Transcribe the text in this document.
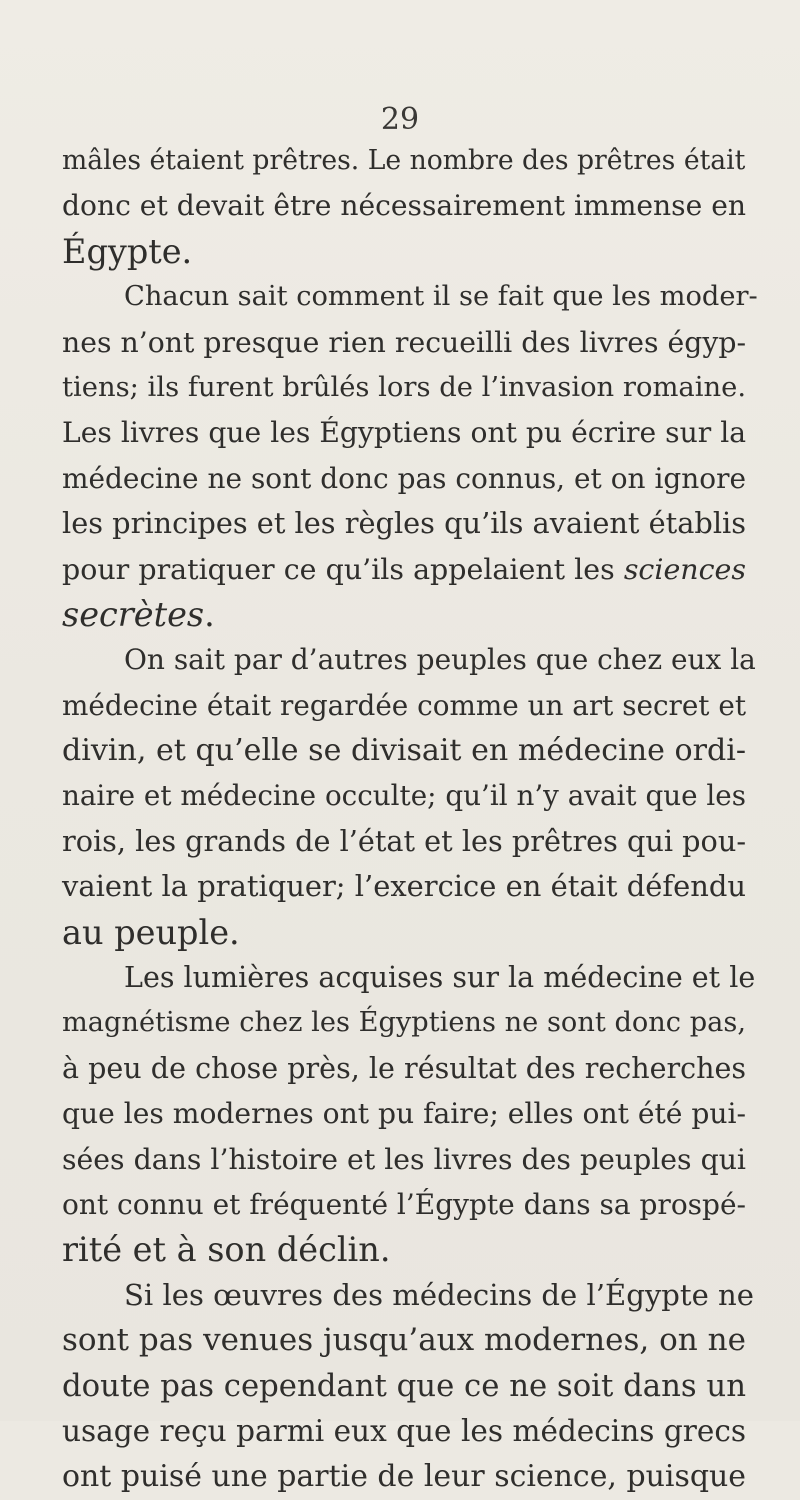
29

mâles étaient prêtres. Le nombre des prêtres était
donc et devait être nécessairement immense en
Égypte.
Chacun sait comment il se fait que les moder-
nes n’ont presque rien recueilli des livres égyp-
tiens; ils furent brûlés lors de l’invasion romaine.
Les livres que les Égyptiens ont pu écrire sur la
médecine ne sont donc pas connus, et on ignore
les principes et les règles qu’ils avaient établis
pour pratiquer ce qu’ils appelaient les sciences
secrètes.
On sait par d’autres peuples que chez eux la
médecine était regardée comme un art secret et
divin, et qu’elle se divisait en médecine ordi-
naire et médecine occulte; qu’il n’y avait que les
rois, les grands de l’état et les prêtres qui pou-
vaient la pratiquer; l’exercice en était défendu
au peuple.
Les lumières acquises sur la médecine et le
magnétisme chez les Égyptiens ne sont donc pas,
à peu de chose près, le résultat des recherches
que les modernes ont pu faire; elles ont été pui-
sées dans l’histoire et les livres des peuples qui
ont connu et fréquenté l’Égypte dans sa prospé-
rité et à son déclin.
Si les œuvres des médecins de l’Égypte ne
sont pas venues jusqu’aux modernes, on ne
doute pas cependant que ce ne soit dans un
usage reçu parmi eux que les médecins grecs
ont puisé une partie de leur science, puisque
